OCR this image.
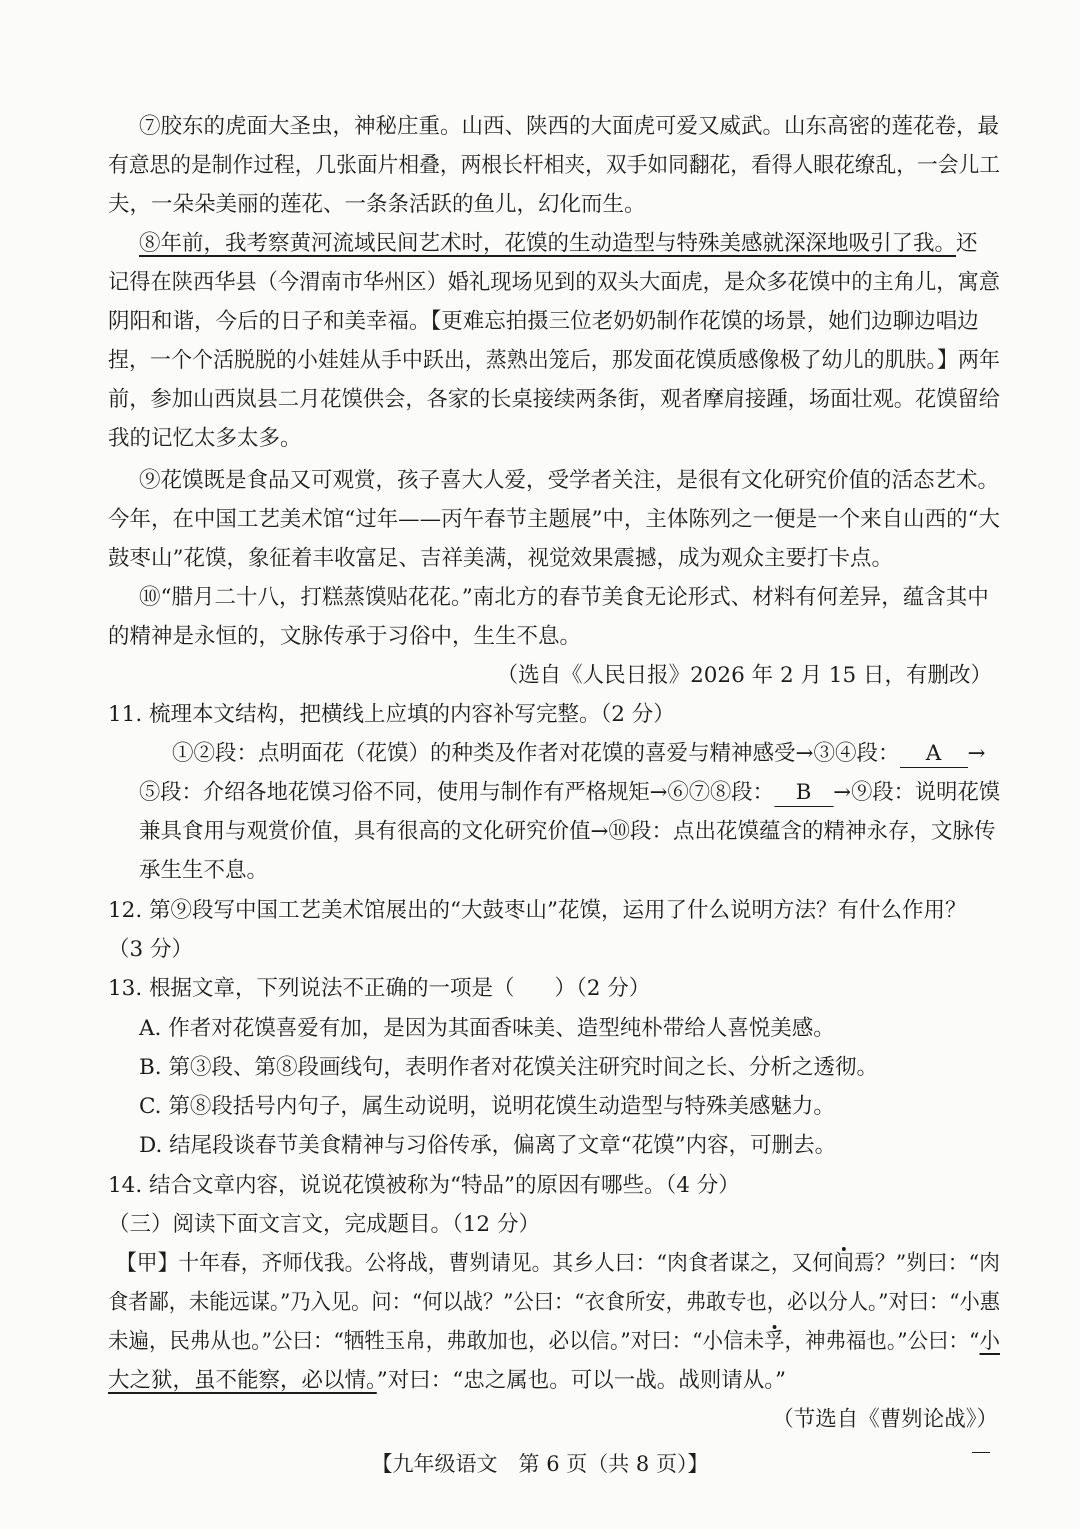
⑦胶东的虎面大圣虫，神秘庄重。山西、陕西的大面虎可爱又威武。山东高密的莲花卷，最
有意思的是制作过程，几张面片相叠，两根长杆相夹，双手如同翻花，看得人眼花缭乱，一会儿工
夫，一朵朵美丽的莲花、一条条活跃的鱼儿，幻化而生。
⑧年前，我考察黄河流域民间艺术时，花馍的生动造型与特殊美感就深深地吸引了我。还
记得在陕西华县（今渭南市华州区）婚礼现场见到的双头大面虎，是众多花馍中的主角儿，寓意
阴阳和谐，今后的日子和美幸福。【更难忘拍摄三位老奶奶制作花馍的场景，她们边聊边唱边
捏，一个个活脱脱的小娃娃从手中跃出，蒸熟出笼后，那发面花馍质感像极了幼儿的肌肤。】两年
前，参加山西岚县二月花馍供会，各家的长桌接续两条街，观者摩肩接踵，场面壮观。花馍留给
我的记忆太多太多。
⑨花馍既是食品又可观赏，孩子喜大人爱，受学者关注，是很有文化研究价值的活态艺术。
今年，在中国工艺美术馆“过年——丙午春节主题展”中，主体陈列之一便是一个来自山西的“大
鼓枣山”花馍，象征着丰收富足、吉祥美满，视觉效果震撼，成为观众主要打卡点。
⑩“腊月二十八，打糕蒸馍贴花花。”南北方的春节美食无论形式、材料有何差异，蕴含其中
的精神是永恒的，文脉传承于习俗中，生生不息。
（选自《人民日报》2026 年 2 月 15 日，有删改）
11. 梳理本文结构，把横线上应填的内容补写完整。（2 分）
①②段：点明面花（花馍）的种类及作者对花馍的喜爱与精神感受→③④段： A →
⑤段：介绍各地花馍习俗不同，使用与制作有严格规矩→⑥⑦⑧段： B →⑨段：说明花馍
兼具食用与观赏价值，具有很高的文化研究价值→⑩段：点出花馍蕴含的精神永存，文脉传
承生生不息。
12. 第⑨段写中国工艺美术馆展出的“大鼓枣山”花馍，运用了什么说明方法？有什么作用？
（3 分）
13. 根据文章，下列说法不正确的一项是（ ）（2 分）
A. 作者对花馍喜爱有加，是因为其面香味美、造型纯朴带给人喜悦美感。
B. 第③段、第⑧段画线句，表明作者对花馍关注研究时间之长、分析之透彻。
C. 第⑧段括号内句子，属生动说明，说明花馍生动造型与特殊美感魅力。
D. 结尾段谈春节美食精神与习俗传承，偏离了文章“花馍”内容，可删去。
14. 结合文章内容，说说花馍被称为“特品”的原因有哪些。（4 分）
（三）阅读下面文言文，完成题目。（12 分）
【甲】十年春，齐师伐我。公将战，曹刿请见。其乡人曰：“肉食者谋之，又何间焉？”刿曰：“肉
食者鄙，未能远谋。”乃入见。问：“何以战？”公曰：“衣食所安，弗敢专也，必以分人。”对曰：“小惠
未遍，民弗从也。”公曰：“牺牲玉帛，弗敢加也，必以信。”对曰：“小信未孚，神弗福也。”公曰：“小
大之狱，虽不能察，必以情。”对曰：“忠之属也。可以一战。战则请从。”
（节选自《曹刿论战》）
【九年级语文　第 6 页（共 8 页）】
